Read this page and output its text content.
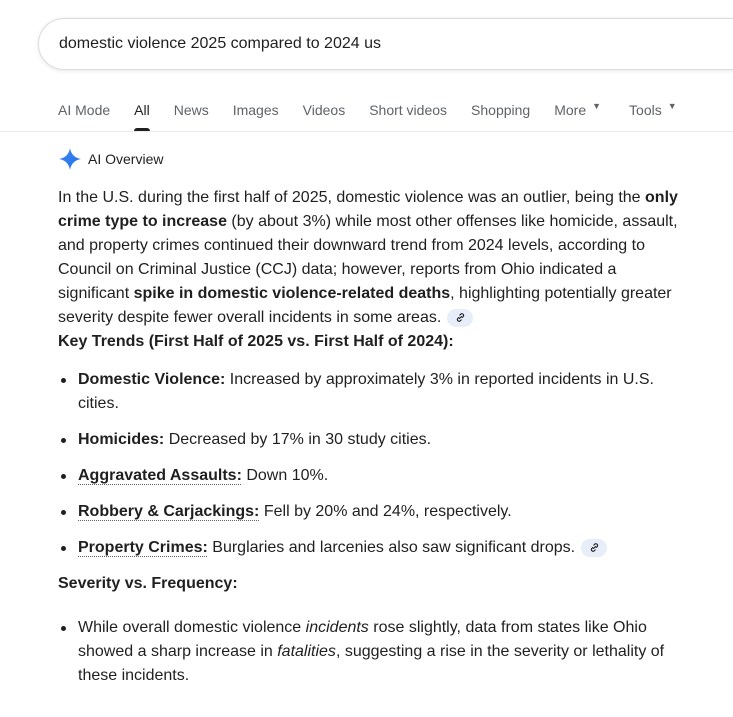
domestic violence 2025 compared to 2024 us
AI Mode All News Images Videos Short videos Shopping More ▼ Tools ▼
AI Overview

In the U.S. during the first half of 2025, domestic violence was an outlier, being the only crime type to increase (by about 3%) while most other offenses like homicide, assault, and property crimes continued their downward trend from 2024 levels, according to Council on Criminal Justice (CCJ) data; however, reports from Ohio indicated a significant spike in domestic violence-related deaths, highlighting potentially greater severity despite fewer overall incidents in some areas.

Key Trends (First Half of 2025 vs. First Half of 2024):

Domestic Violence: Increased by approximately 3% in reported incidents in U.S. cities.
Homicides: Decreased by 17% in 30 study cities.
Aggravated Assaults: Down 10%.
Robbery & Carjackings: Fell by 20% and 24%, respectively.
Property Crimes: Burglaries and larcenies also saw significant drops.

Severity vs. Frequency:

While overall domestic violence incidents rose slightly, data from states like Ohio showed a sharp increase in fatalities, suggesting a rise in the severity or lethality of these incidents.
